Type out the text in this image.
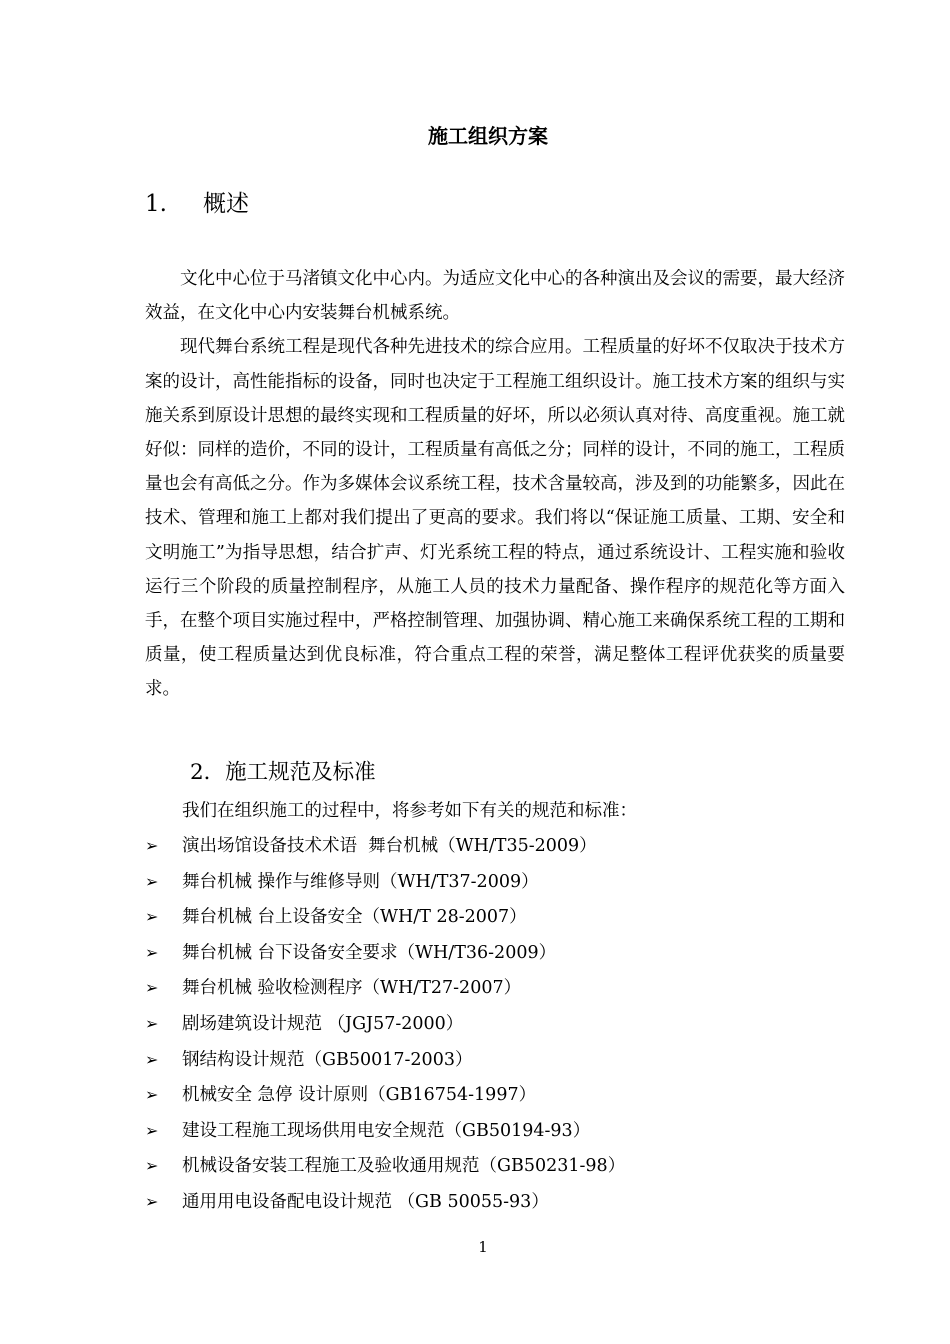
施工组织方案
1. 概述

文化中心位于马渚镇文化中心内。为适应文化中心的各种演出及会议的需要，最大经济效益，在文化中心内安装舞台机械系统。

现代舞台系统工程是现代各种先进技术的综合应用。工程质量的好坏不仅取决于技术方案的设计，高性能指标的设备，同时也决定于工程施工组织设计。施工技术方案的组织与实施关系到原设计思想的最终实现和工程质量的好坏，所以必须认真对待、高度重视。施工就好似：同样的造价，不同的设计，工程质量有高低之分；同样的设计，不同的施工，工程质量也会有高低之分。作为多媒体会议系统工程，技术含量较高，涉及到的功能繁多，因此在技术、管理和施工上都对我们提出了更高的要求。我们将以“保证施工质量、工期、安全和文明施工”为指导思想，结合扩声、灯光系统工程的特点，通过系统设计、工程实施和验收运行三个阶段的质量控制程序，从施工人员的技术力量配备、操作程序的规范化等方面入手，在整个项目实施过程中，严格控制管理、加强协调、精心施工来确保系统工程的工期和质量，使工程质量达到优良标准，符合重点工程的荣誉，满足整体工程评优获奖的质量要求。

2．施工规范及标准
我们在组织施工的过程中，将参考如下有关的规范和标准：
➢ 演出场馆设备技术术语  舞台机械（WH/T35-2009）
➢ 舞台机械 操作与维修导则（WH/T37-2009）
➢ 舞台机械 台上设备安全（WH/T 28-2007）
➢ 舞台机械 台下设备安全要求（WH/T36-2009）
➢ 舞台机械 验收检测程序（WH/T27-2007）
➢ 剧场建筑设计规范 （JGJ57-2000）
➢ 钢结构设计规范（GB50017-2003）
➢ 机械安全 急停 设计原则（GB16754-1997）
➢ 建设工程施工现场供用电安全规范（GB50194-93）
➢ 机械设备安装工程施工及验收通用规范（GB50231-98）
➢ 通用用电设备配电设计规范 （GB 50055-93）
1
